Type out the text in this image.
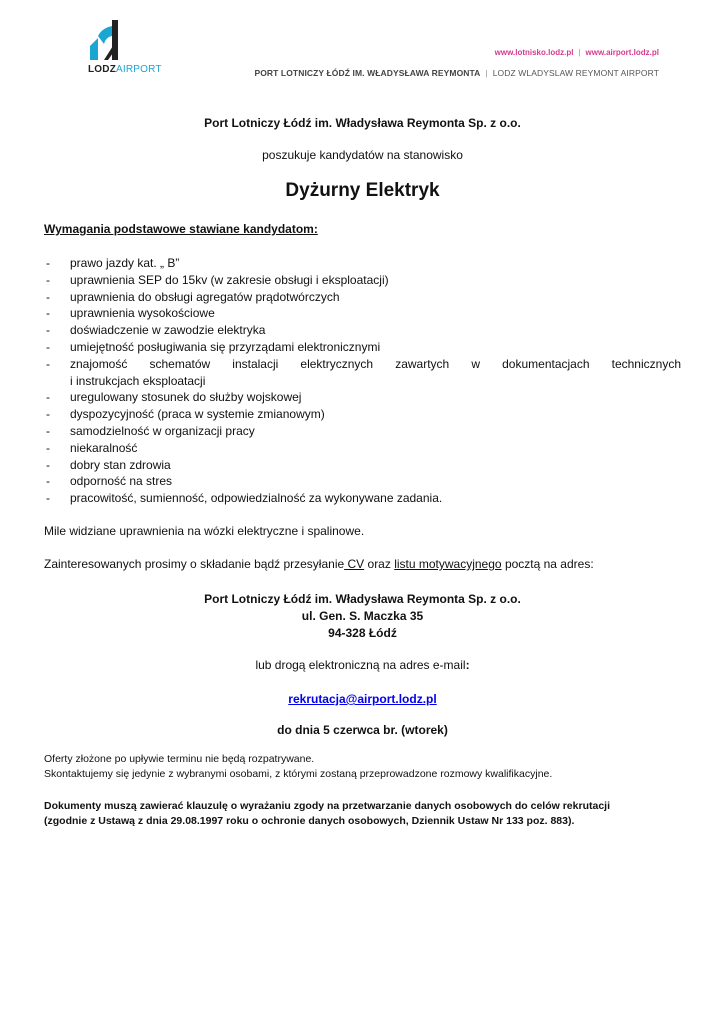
LODZAIRPORT
www.lotnisko.lodz.pl | www.airport.lodz.pl
PORT LOTNICZY ŁÓDŹ IM. WŁADYSŁAWA REYMONTA | LODZ WLADYSLAW REYMONT AIRPORT
Port Lotniczy Łódź im. Władysława Reymonta Sp. z o.o.
poszukuje kandydatów na stanowisko
Dyżurny Elektryk
Wymagania podstawowe stawiane kandydatom:
- prawo jazdy kat. „ B”
- uprawnienia SEP do 15kv (w zakresie obsługi i eksploatacji)
- uprawnienia do obsługi agregatów prądotwórczych
- uprawnienia wysokościowe
- doświadczenie w zawodzie elektryka
- umiejętność posługiwania się przyrządami elektronicznymi
- znajomość schematów instalacji elektrycznych zawartych w dokumentacjach technicznych
i instrukcjach eksploatacji
- uregulowany stosunek do służby wojskowej
- dyspozycyjność (praca w systemie zmianowym)
- samodzielność w organizacji pracy
- niekaralność
- dobry stan zdrowia
- odporność na stres
- pracowitość, sumienność, odpowiedzialność za wykonywane zadania.
Mile widziane uprawnienia na wózki elektryczne i spalinowe.
Zainteresowanych prosimy o składanie bądź przesyłanie CV oraz listu motywacyjnego pocztą na adres:
Port Lotniczy Łódź im. Władysława Reymonta Sp. z o.o.
ul. Gen. S. Maczka 35
94-328 Łódź
lub drogą elektroniczną na adres e-mail:
rekrutacja@airport.lodz.pl
do dnia 5 czerwca br. (wtorek)
Oferty złożone po upływie terminu nie będą rozpatrywane.
Skontaktujemy się jedynie z wybranymi osobami, z którymi zostaną przeprowadzone rozmowy kwalifikacyjne.
Dokumenty muszą zawierać klauzulę o wyrażaniu zgody na przetwarzanie danych osobowych do celów rekrutacji
(zgodnie z Ustawą z dnia 29.08.1997 roku o ochronie danych osobowych, Dziennik Ustaw Nr 133 poz. 883).
